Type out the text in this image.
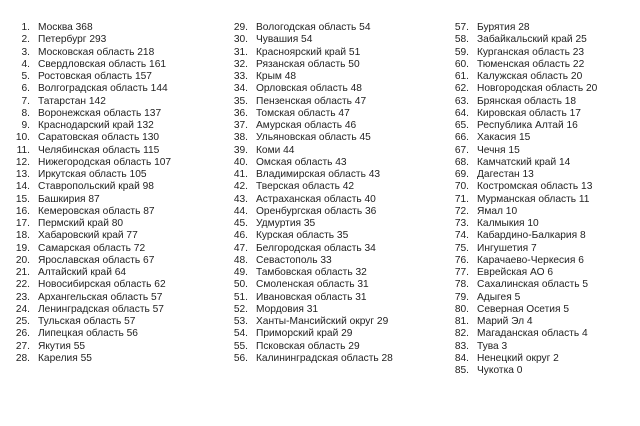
1. Москва 368
2. Петербург 293
3. Московская область 218
4. Свердловская область 161
5. Ростовская область 157
6. Волгоградская область 144
7. Татарстан 142
8. Воронежская область 137
9. Краснодарский край 132
10. Саратовская область 130
11. Челябинская область 115
12. Нижегородская область 107
13. Иркутская область 105
14. Ставропольский край 98
15. Башкирия 87
16. Кемеровская область 87
17. Пермский край 80
18. Хабаровский край 77
19. Самарская область 72
20. Ярославская область 67
21. Алтайский край 64
22. Новосибирская область 62
23. Архангельская область 57
24. Ленинградская область 57
25. Тульская область 57
26. Липецкая область 56
27. Якутия 55
28. Карелия 55
29. Вологодская область 54
30. Чувашия 54
31. Красноярский край 51
32. Рязанская область 50
33. Крым 48
34. Орловская область 48
35. Пензенская область 47
36. Томская область 47
37. Амурская область 46
38. Ульяновская область 45
39. Коми 44
40. Омская область 43
41. Владимирская область 43
42. Тверская область 42
43. Астраханская область 40
44. Оренбургская область 36
45. Удмуртия 35
46. Курская область 35
47. Белгородская область 34
48. Севастополь 33
49. Тамбовская область 32
50. Смоленская область 31
51. Ивановская область 31
52. Мордовия 31
53. Ханты-Мансийский округ 29
54. Приморский край 29
55. Псковская область 29
56. Калининградская область 28
57. Бурятия 28
58. Забайкальский край 25
59. Курганская область 23
60. Тюменская область 22
61. Калужская область 20
62. Новгородская область 20
63. Брянская область 18
64. Кировская область 17
65. Республика Алтай 16
66. Хакасия 15
67. Чечня 15
68. Камчатский край 14
69. Дагестан 13
70. Костромская область 13
71. Мурманская область 11
72. Ямал 10
73. Калмыкия 10
74. Кабардино-Балкария 8
75. Ингушетия 7
76. Карачаево-Черкесия 6
77. Еврейская АО 6
78. Сахалинская область 5
79. Адыгея 5
80. Северная Осетия 5
81. Марий Эл 4
82. Магаданская область 4
83. Тува 3
84. Ненецкий округ 2
85. Чукотка 0
